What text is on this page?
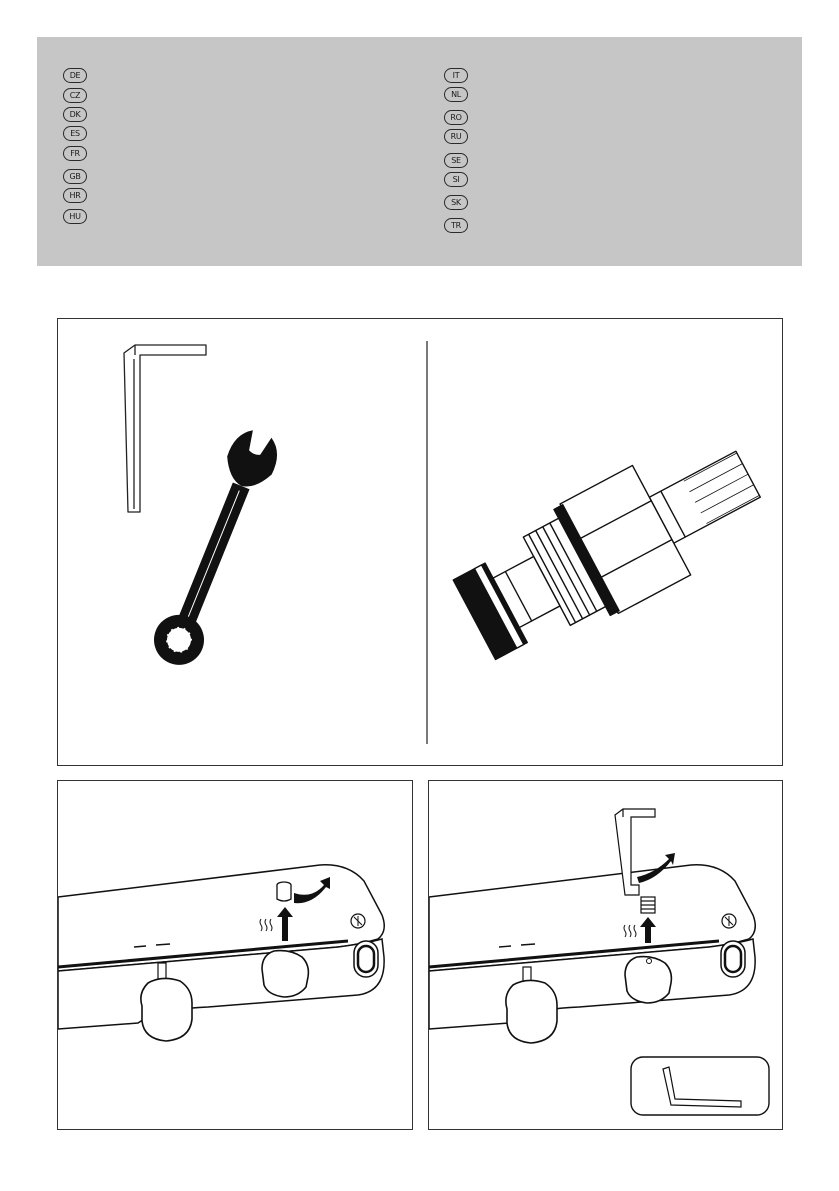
DE
CZ
DK
ES
FR
GB
HR
HU
IT
NL
RO
RU
SE
SI
SK
TR
